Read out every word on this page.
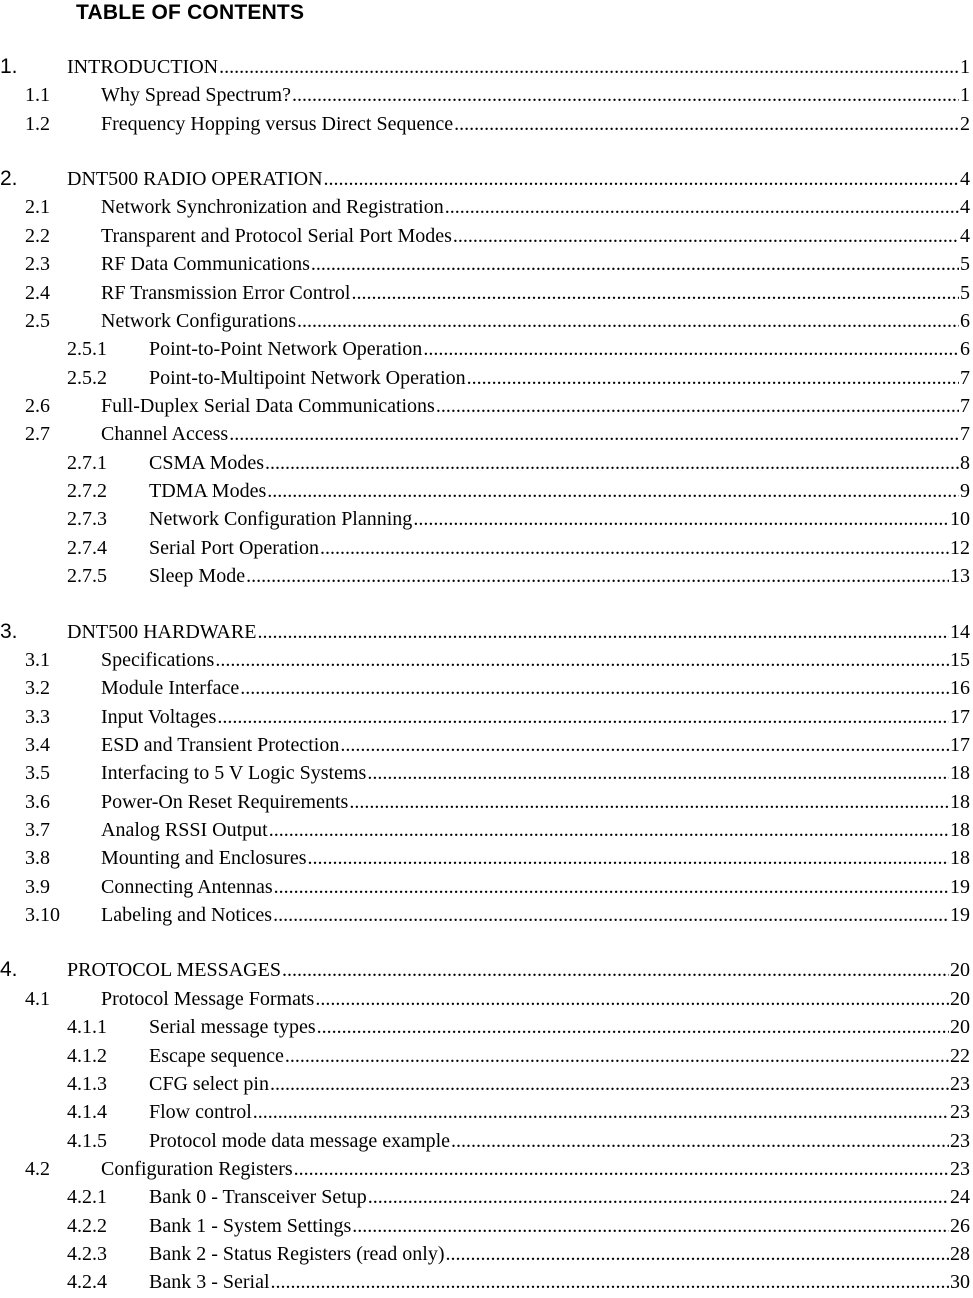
TABLE OF CONTENTS
1. INTRODUCTION .....	1
1.1	Why Spread Spectrum? .....	1
1.2	Frequency Hopping versus Direct Sequence .....	2
2. DNT500 RADIO OPERATION .....	4
2.1	Network Synchronization and Registration .....	4
2.2	Transparent and Protocol Serial Port Modes .....	4
2.3	RF Data Communications .....	5
2.4	RF Transmission Error Control .....	5
2.5	Network Configurations .....	6
2.5.1 Point-to-Point Network Operation .....	6
2.5.2 Point-to-Multipoint Network Operation .....	7
2.6	Full-Duplex Serial Data Communications .....	7
2.7	Channel Access .....	7
2.7.1 CSMA Modes .....	8
2.7.2 TDMA Modes .....	9
2.7.3 Network Configuration Planning .....	10
2.7.4 Serial Port Operation .....	12
2.7.5 Sleep Mode .....	13
3. DNT500 HARDWARE .....	14
3.1	Specifications .....	15
3.2	Module Interface .....	16
3.3	Input Voltages .....	17
3.4	ESD and Transient Protection .....	17
3.5	Interfacing to 5 V Logic Systems .....	18
3.6	Power-On Reset Requirements .....	18
3.7	Analog RSSI Output .....	18
3.8	Mounting and Enclosures .....	18
3.9	Connecting Antennas .....	19
3.10 Labeling and Notices .....	19
4. PROTOCOL MESSAGES .....	20
4.1	Protocol Message Formats .....	20
4.1.1 Serial message types .....	20
4.1.2 Escape sequence .....	22
4.1.3 CFG select pin .....	23
4.1.4 Flow control .....	23
4.1.5 Protocol mode data message example .....	23
4.2	Configuration Registers .....	23
4.2.1 Bank 0 - Transceiver Setup .....	24
4.2.2 Bank 1 - System Settings .....	26
4.2.3 Bank 2 - Status Registers (read only) .....	28
4.2.4 Bank 3 - Serial .....	30
